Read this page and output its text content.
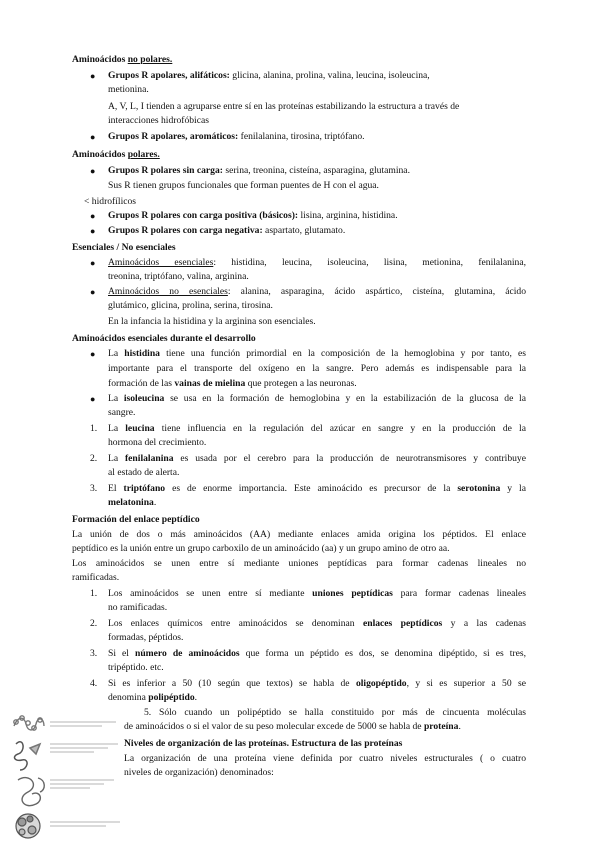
Aminoácidos no polares.
● Grupos R apolares, alifáticos: glicina, alanina, prolina, valina, leucina, isoleucina,
metionina.
A, V, L, I tienden a agruparse entre sí en las proteínas estabilizando la estructura a través de
interacciones hidrofóbicas
● Grupos R apolares, aromáticos: fenilalanina, tirosina, triptófano.
Aminoácidos polares.
● Grupos R polares sin carga: serina, treonina, cisteína, asparagina, glutamina.
Sus R tienen grupos funcionales que forman puentes de H con el agua.
< hidrofílicos
● Grupos R polares con carga positiva (básicos): lisina, arginina, histidina.
● Grupos R polares con carga negativa: aspartato, glutamato.
Esenciales / No esenciales
● Aminoácidos esenciales: histidina, leucina, isoleucina, lisina, metionina, fenilalanina,
treonina, triptófano, valina, arginina.
● Aminoácidos no esenciales: alanina, asparagina, ácido aspártico, cisteína, glutamina, ácido
glutámico, glicina, prolina, serina, tirosina.
En la infancia la histidina y la arginina son esenciales.
Aminoácidos esenciales durante el desarrollo
● La histidina tiene una función primordial en la composición de la hemoglobina y por tanto, es
importante para el transporte del oxígeno en la sangre. Pero además es indispensable para la
formación de las vainas de mielina que protegen a las neuronas.
● La isoleucina se usa en la formación de hemoglobina y en la estabilización de la glucosa de la
sangre.
1. La leucina tiene influencia en la regulación del azúcar en sangre y en la producción de la
hormona del crecimiento.
2. La fenilalanina es usada por el cerebro para la producción de neurotransmisores y contribuye
al estado de alerta.
3. El triptófano es de enorme importancia. Este aminoácido es precursor de la serotonina y la
melatonina.
Formación del enlace peptídico
La unión de dos o más aminoácidos (AA) mediante enlaces amida origina los péptidos. El enlace
peptídico es la unión entre un grupo carboxilo de un aminoácido (aa) y un grupo amino de otro aa.
Los aminoácidos se unen entre sí mediante uniones peptídicas para formar cadenas lineales no
ramificadas.
1. Los aminoácidos se unen entre sí mediante uniones peptídicas para formar cadenas lineales
no ramificadas.
2. Los enlaces químicos entre aminoácidos se denominan enlaces peptídicos y a las cadenas
formadas, péptidos.
3. Si el número de aminoácidos que forma un péptido es dos, se denomina dipéptido, si es tres,
tripéptido. etc.
4. Si es inferior a 50 (10 según que textos) se habla de oligopéptido, y si es superior a 50 se
denomina polipéptido.
5. Sólo cuando un polipéptido se halla constituido por más de cincuenta moléculas
de aminoácidos o si el valor de su peso molecular excede de 5000 se habla de proteína.
Niveles de organización de las proteínas. Estructura de las proteínas
La organización de una proteína viene definida por cuatro niveles estructurales ( o cuatro
niveles de organización) denominados:
